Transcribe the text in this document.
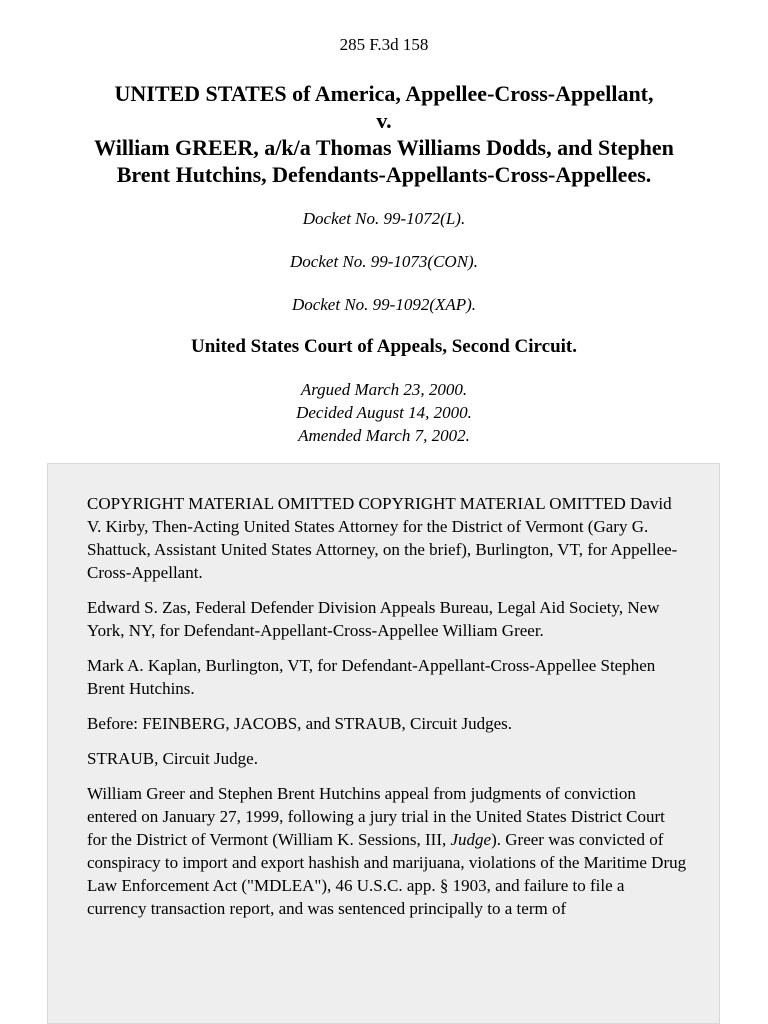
285 F.3d 158
UNITED STATES of America, Appellee-Cross-Appellant,
v.
William GREER, a/k/a Thomas Williams Dodds, and Stephen
Brent Hutchins, Defendants-Appellants-Cross-Appellees.
Docket No. 99-1072(L).
Docket No. 99-1073(CON).
Docket No. 99-1092(XAP).
United States Court of Appeals, Second Circuit.
Argued March 23, 2000.
Decided August 14, 2000.
Amended March 7, 2002.

COPYRIGHT MATERIAL OMITTED COPYRIGHT MATERIAL OMITTED David V. Kirby, Then-Acting United States Attorney for the District of Vermont (Gary G. Shattuck, Assistant United States Attorney, on the brief), Burlington, VT, for Appellee-Cross-Appellant.

Edward S. Zas, Federal Defender Division Appeals Bureau, Legal Aid Society, New York, NY, for Defendant-Appellant-Cross-Appellee William Greer.

Mark A. Kaplan, Burlington, VT, for Defendant-Appellant-Cross-Appellee Stephen Brent Hutchins.

Before: FEINBERG, JACOBS, and STRAUB, Circuit Judges.

STRAUB, Circuit Judge.

William Greer and Stephen Brent Hutchins appeal from judgments of conviction entered on January 27, 1999, following a jury trial in the United States District Court for the District of Vermont (William K. Sessions, III, Judge). Greer was convicted of conspiracy to import and export hashish and marijuana, violations of the Maritime Drug Law Enforcement Act ("MDLEA"), 46 U.S.C. app. § 1903, and failure to file a currency transaction report, and was sentenced principally to a term of
